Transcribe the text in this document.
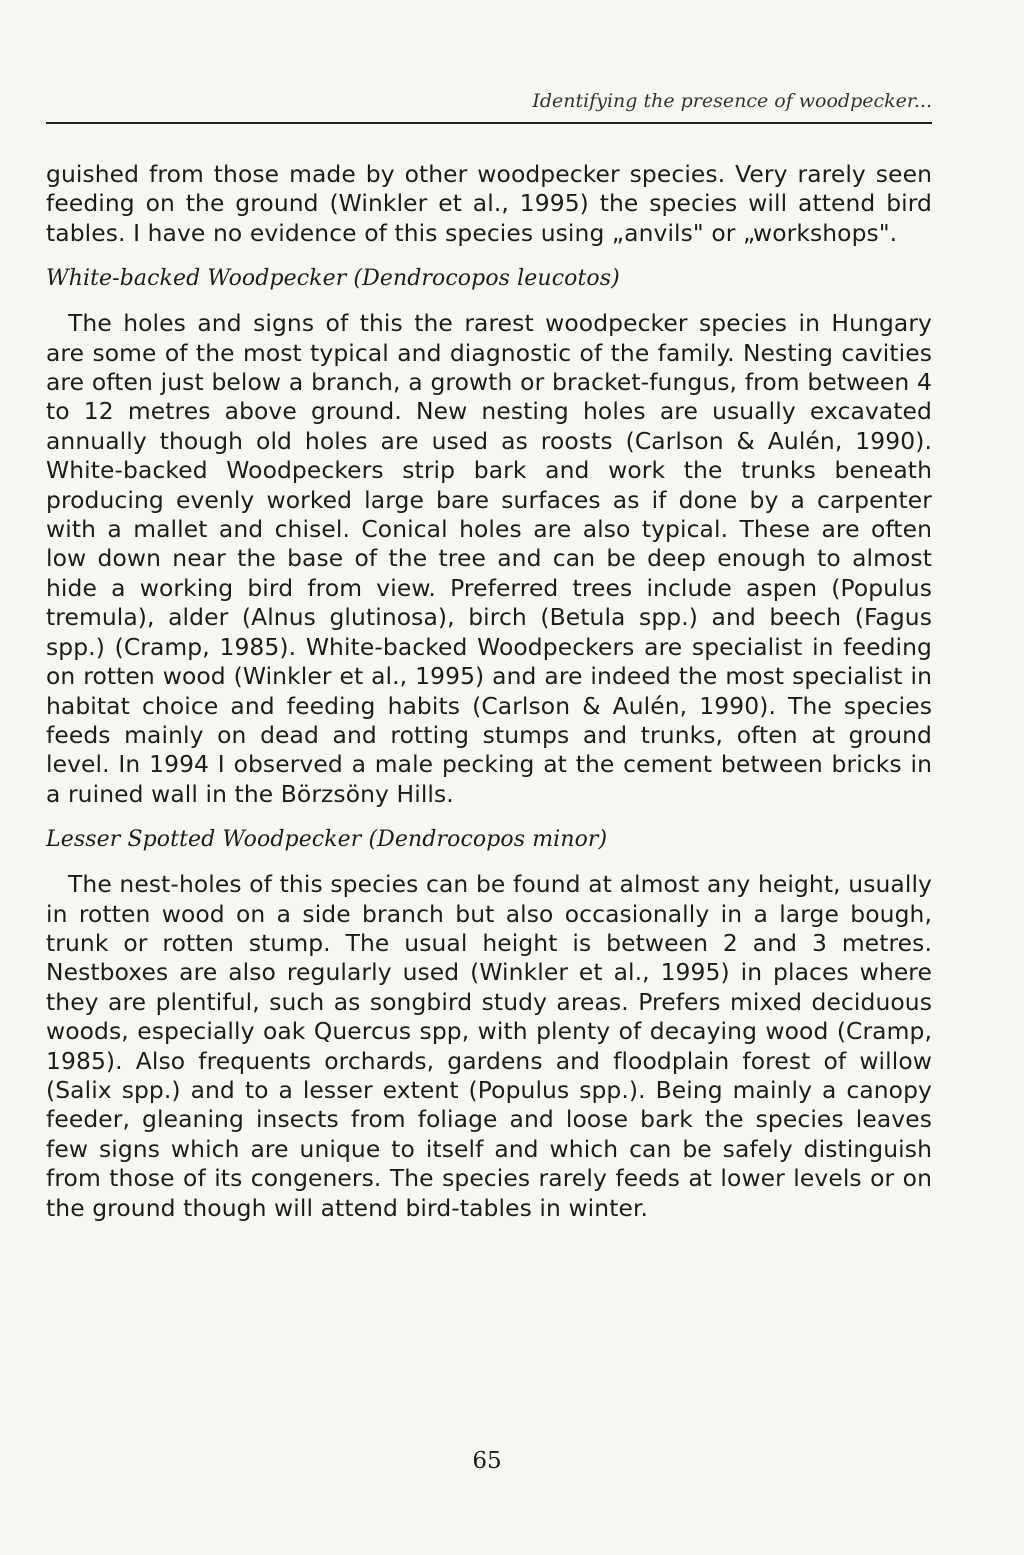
Identifying the presence of woodpecker...

guished from those made by other woodpecker species. Very rarely seen feeding on the ground (Winkler et al., 1995) the species will attend bird tables. I have no evidence of this species using „anvils" or „workshops".

White-backed Woodpecker (Dendrocopos leucotos)

The holes and signs of this the rarest woodpecker species in Hungary are some of the most typical and diagnostic of the family. Nesting cavities are often just below a branch, a growth or bracket-fungus, from between 4 to 12 metres above ground. New nesting holes are usually excavated annually though old holes are used as roosts (Carlson & Aulén, 1990). White-backed Woodpeckers strip bark and work the trunks beneath producing evenly worked large bare surfaces as if done by a carpenter with a mallet and chisel. Conical holes are also typical. These are often low down near the base of the tree and can be deep enough to almost hide a working bird from view. Preferred trees include aspen (Populus tremula), alder (Alnus glutinosa), birch (Betula spp.) and beech (Fagus spp.) (Cramp, 1985). White-backed Woodpeckers are specialist in feeding on rotten wood (Winkler et al., 1995) and are indeed the most specialist in habitat choice and feeding habits (Carlson & Aulén, 1990). The species feeds mainly on dead and rotting stumps and trunks, often at ground level. In 1994 I observed a male pecking at the cement between bricks in a ruined wall in the Börzsöny Hills.

Lesser Spotted Woodpecker (Dendrocopos minor)

The nest-holes of this species can be found at almost any height, usually in rotten wood on a side branch but also occasionally in a large bough, trunk or rotten stump. The usual height is between 2 and 3 metres. Nestboxes are also regularly used (Winkler et al., 1995) in places where they are plentiful, such as songbird study areas. Prefers mixed deciduous woods, especially oak Quercus spp, with plenty of decaying wood (Cramp, 1985). Also frequents orchards, gardens and floodplain forest of willow (Salix spp.) and to a lesser extent (Populus spp.). Being mainly a canopy feeder, gleaning insects from foliage and loose bark the species leaves few signs which are unique to itself and which can be safely distinguish from those of its congeners. The species rarely feeds at lower levels or on the ground though will attend bird-tables in winter.

65
